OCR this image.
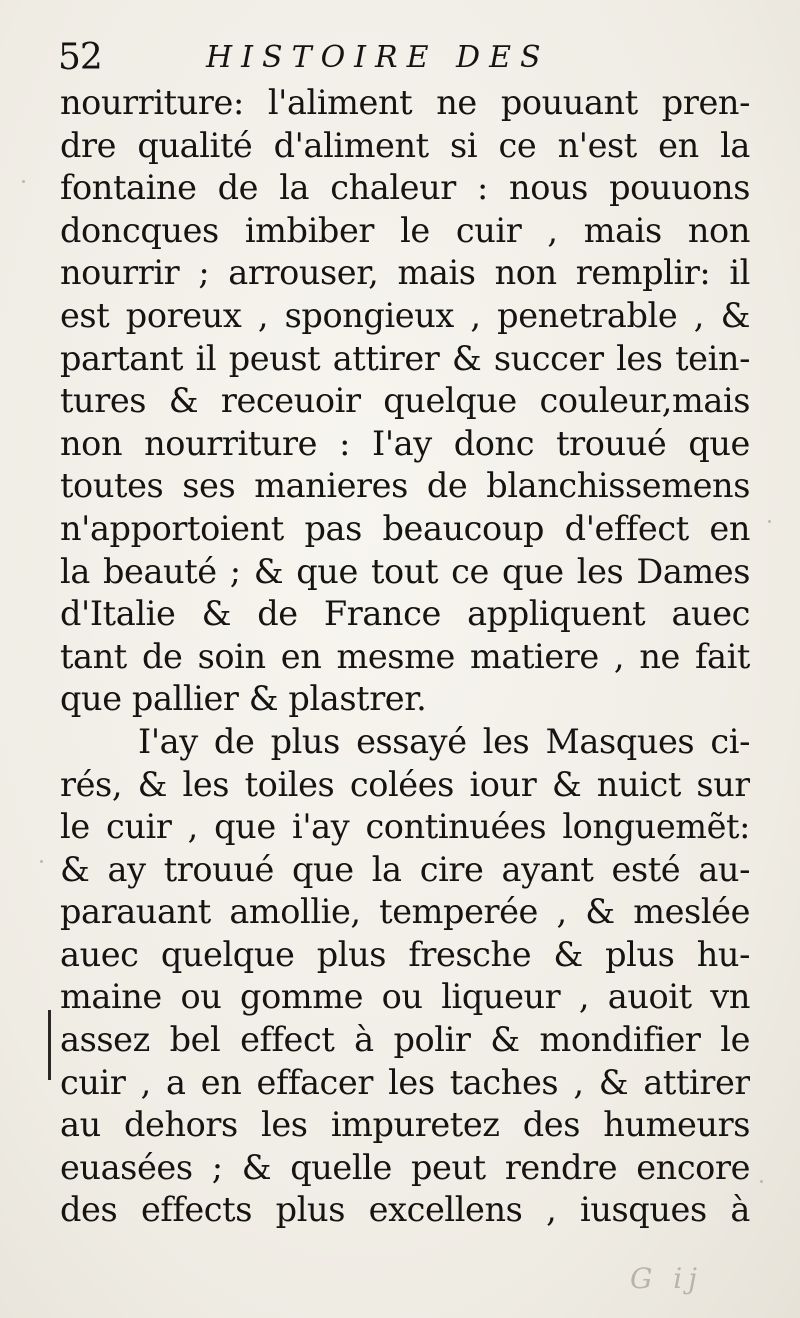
52	HISTOIRE DES
nourriture: l'aliment ne pouuant pren-
dre qualité d'aliment si ce n'est en la
fontaine de la chaleur : nous pouuons
doncques imbiber le cuir , mais non
nourrir ; arrouser, mais non remplir: il
est poreux , spongieux , penetrable , &
partant il peust attirer & succer les tein-
tures & receuoir quelque couleur,mais
non nourriture : I'ay donc trouué que
toutes ses manieres de blanchissemens
n'apportoient pas beaucoup d'effect en
la beauté ; & que tout ce que les Dames
d'Italie & de France appliquent auec
tant de soin en mesme matiere , ne fait
que pallier & plastrer.
I'ay de plus essayé les Masques ci-
rés, & les toiles colées iour & nuict sur
le cuir , que i'ay continuées longuemẽt:
& ay trouué que la cire ayant esté au-
parauant amollie, temperée , & meslée
auec quelque plus fresche & plus hu-
maine ou gomme ou liqueur , auoit vn
assez bel effect à polir & mondifier le
cuir , a en effacer les taches , & attirer
au dehors les impuretez des humeurs
euasées ; & quelle peut rendre encore
des effects plus excellens , iusques à
G ij
